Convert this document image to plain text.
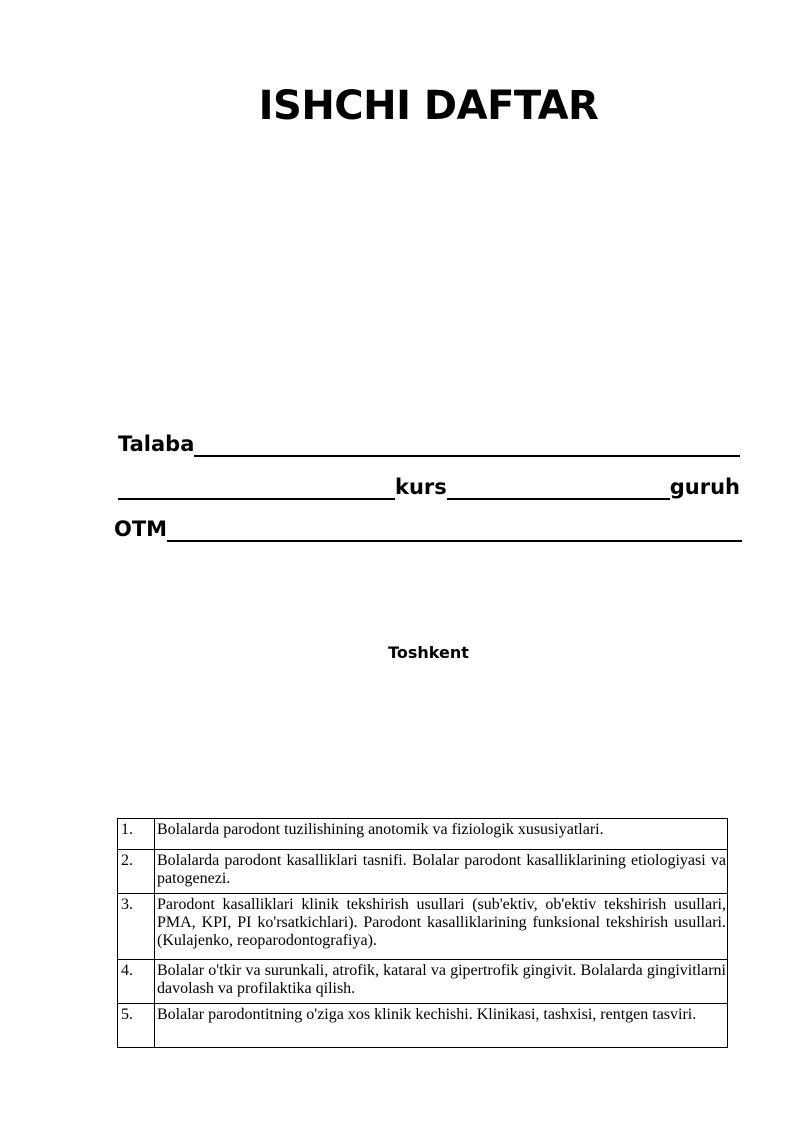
ISHCHI DAFTAR
Talaba
kurs	guruh
OTM
Toshkent
1.	Bolalarda parodont tuzilishining anotomik va fiziologik xususiyatlari.
2.	Bolalarda parodont kasalliklari tasnifi. Bolalar parodont kasalliklarining etiologiyasi va patogenezi.
3.	Parodont kasalliklari klinik tekshirish usullari (sub'ektiv, ob'ektiv tekshirish usullari, PMA, KPI, PI ko'rsatkichlari). Parodont kasalliklarining funksional tekshirish usullari. (Kulajenko, reoparodontografiya).
4.	Bolalar o'tkir va surunkali, atrofik, kataral va gipertrofik gingivit. Bolalarda gingivitlarni davolash va profilaktika qilish.
5.	Bolalar parodontitning o'ziga xos klinik kechishi. Klinikasi, tashxisi, rentgen tasviri.
